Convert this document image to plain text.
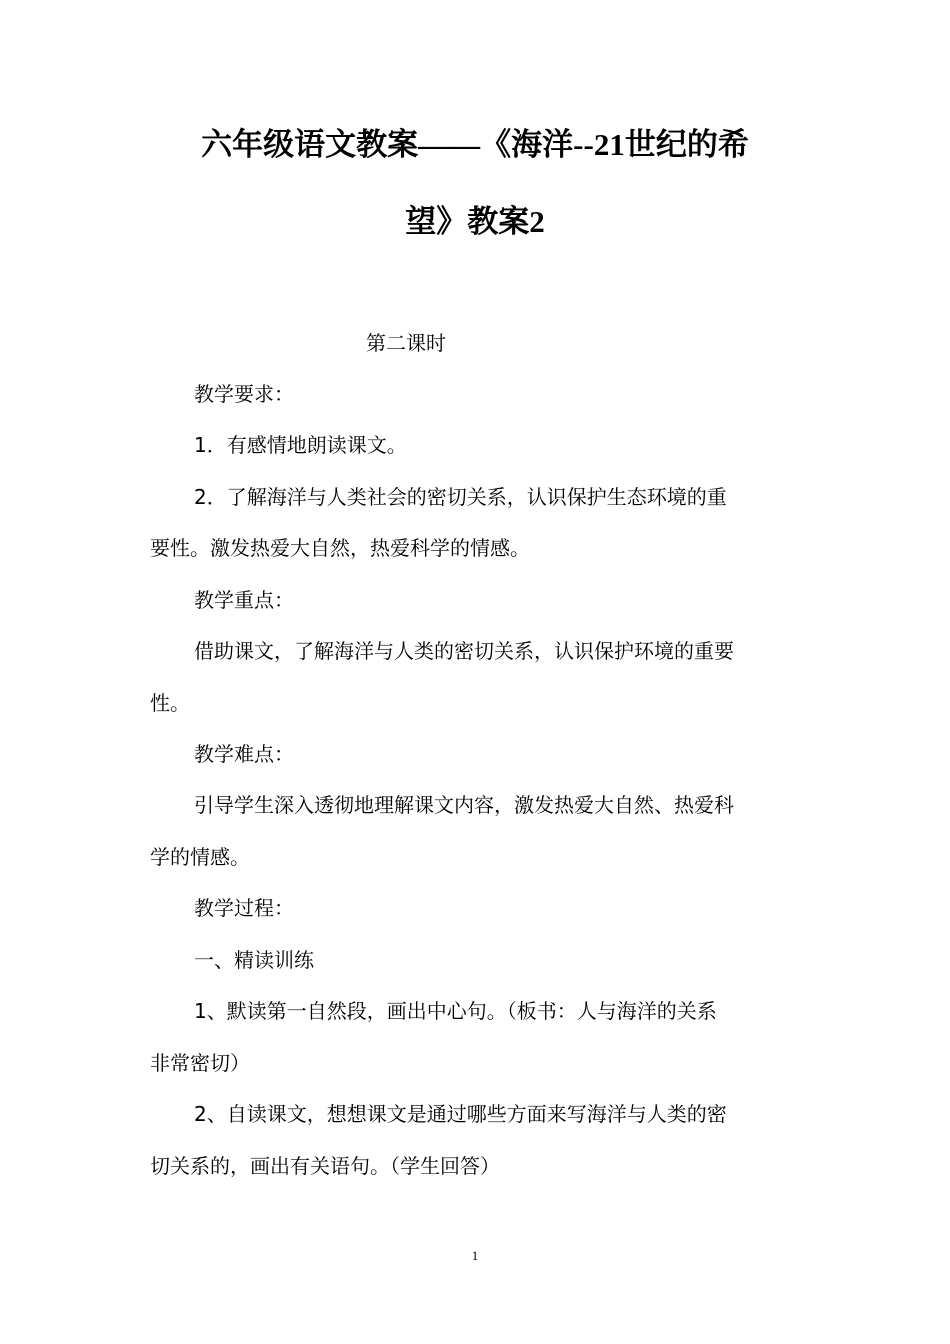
六年级语文教案——《海洋--21世纪的希
望》教案2
第二课时
教学要求：
1．有感情地朗读课文。
2．了解海洋与人类社会的密切关系，认识保护生态环境的重
要性。激发热爱大自然，热爱科学的情感。
教学重点：
借助课文，了解海洋与人类的密切关系，认识保护环境的重要
性。
教学难点：
引导学生深入透彻地理解课文内容，激发热爱大自然、热爱科
学的情感。
教学过程：
一、精读训练
1、默读第一自然段，画出中心句。（板书：人与海洋的关系
非常密切）
2、自读课文，想想课文是通过哪些方面来写海洋与人类的密
切关系的，画出有关语句。（学生回答）
1
